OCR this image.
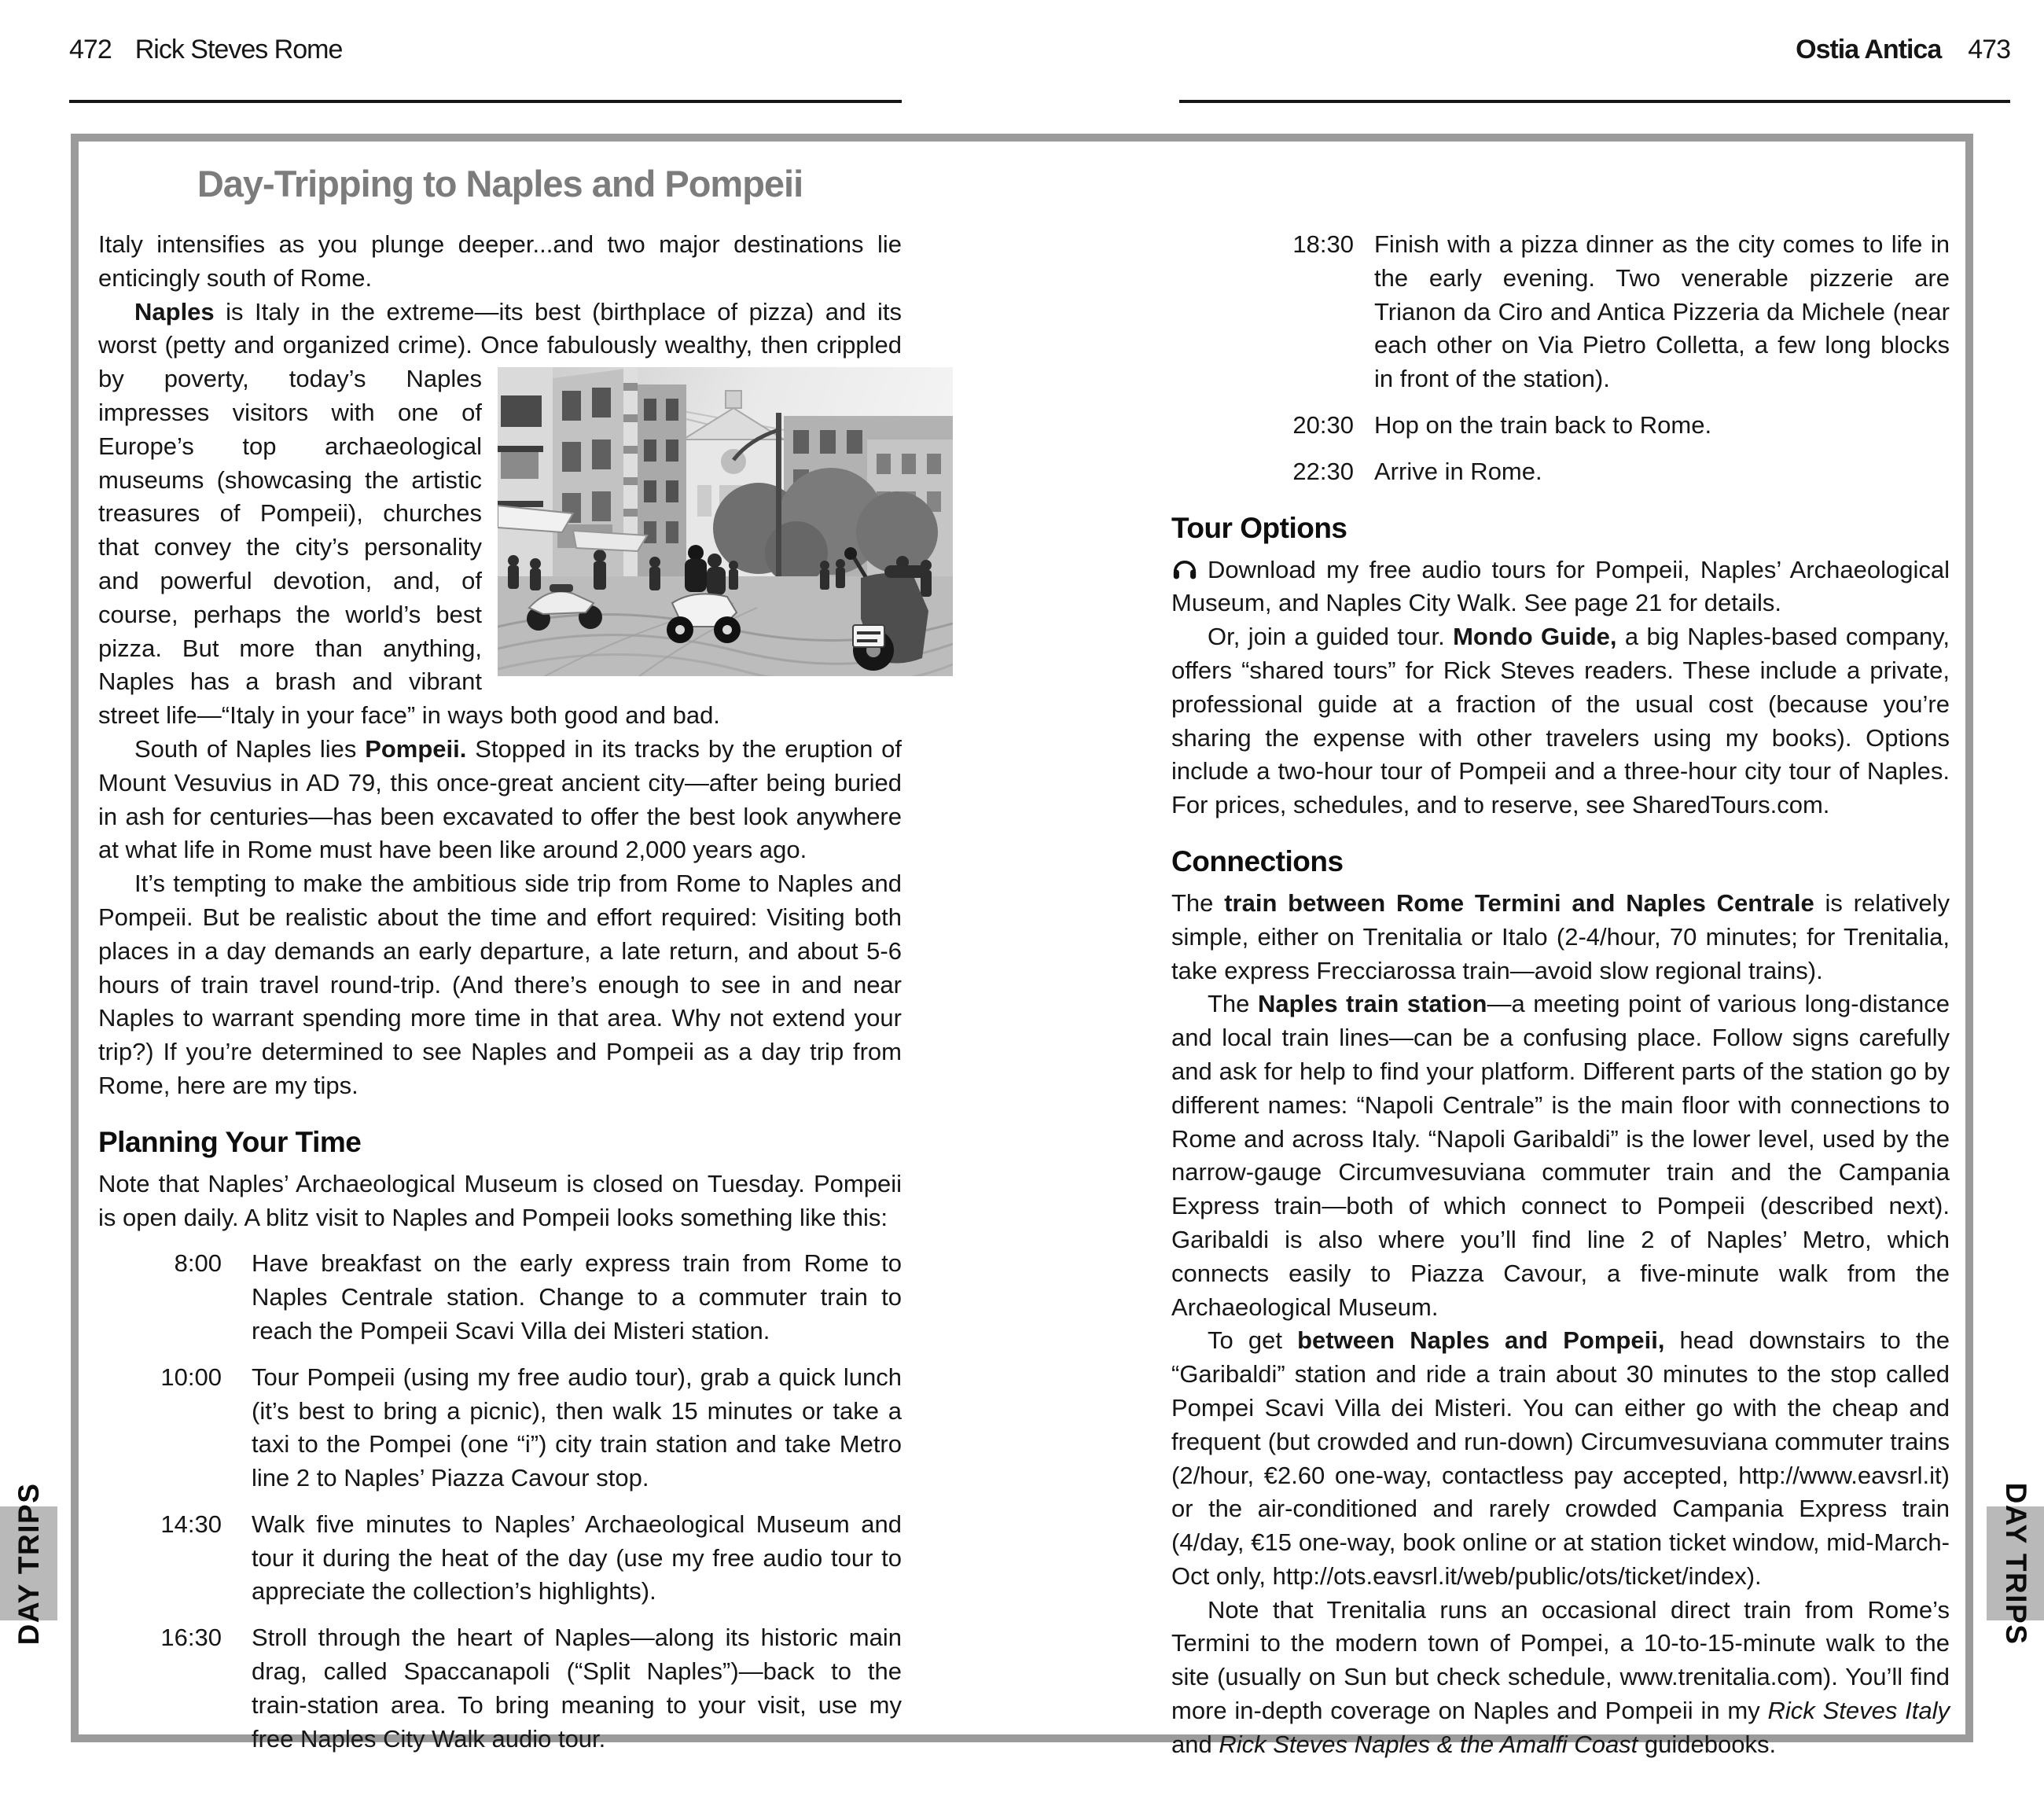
472 Rick Steves Rome	Ostia Antica 473
Day-Tripping to Naples and Pompeii

Italy intensifies as you plunge deeper...and two major destinations lie enticingly south of Rome.

Naples is Italy in the extreme—its best (birthplace of pizza) and its worst (petty and organized crime). Once fabulously
wealthy, then crippled by poverty, today’s Naples impresses visitors with one of Europe’s top archaeological museums (showcasing the artistic treasures of Pompeii), churches that convey the city’s personality and powerful devotion, and, of course, perhaps the world’s best pizza. But more than anything, Naples has a brash and vibrant street life—“Italy in your face” in ways both good and bad.

South of Naples lies Pompeii. Stopped in its tracks by the eruption of Mount Vesuvius in AD 79, this once-great ancient city—after being buried in ash for centuries—has been excavated to offer the best look anywhere at what life in Rome must have been like around 2,000 years ago.

It’s tempting to make the ambitious side trip from Rome to Naples and Pompeii. But be realistic about the time and effort required: Visiting both places in a day demands an early departure, a late return, and about 5-6 hours of train travel round-trip. (And there’s enough to see in and near Naples to warrant spending more time in that area. Why not extend your trip?) If you’re determined to see Naples and Pompeii as a day trip from Rome, here are my tips.

Planning Your Time

Note that Naples’ Archaeological Museum is closed on Tuesday. Pompeii is open daily. A blitz visit to Naples and Pompeii looks something like this:

8:00 Have breakfast on the early express train from Rome to Naples Centrale station. Change to a commuter train to reach the Pompeii Scavi Villa dei Misteri station.
10:00 Tour Pompeii (using my free audio tour), grab a quick lunch (it’s best to bring a picnic), then walk 15 minutes or take a taxi to the Pompei (one “i”) city train station and take Metro line 2 to Naples’ Piazza Cavour stop.
14:30 Walk five minutes to Naples’ Archaeological Museum and tour it during the heat of the day (use my free audio tour to appreciate the collection’s highlights).
16:30 Stroll through the heart of Naples—along its historic main drag, called Spaccanapoli (“Split Naples”)—back to the train-station area. To bring meaning to your visit, use my free Naples City Walk audio tour.
18:30 Finish with a pizza dinner as the city comes to life in the early evening. Two venerable pizzerie are Trianon da Ciro and Antica Pizzeria da Michele (near each other on Via Pietro Colletta, a few long blocks in front of the station).
20:30 Hop on the train back to Rome.
22:30 Arrive in Rome.
Tour Options

Download my free audio tours for Pompeii, Naples’ Archaeological Museum, and Naples City Walk. See page 21 for details.

Or, join a guided tour. Mondo Guide, a big Naples-based company, offers “shared tours” for Rick Steves readers. These include a private, professional guide at a fraction of the usual cost (because you’re sharing the expense with other travelers using my books). Options include a two-hour tour of Pompeii and a three-hour city tour of Naples. For prices, schedules, and to reserve, see SharedTours.com.

Connections

The train between Rome Termini and Naples Centrale is relatively simple, either on Trenitalia or Italo (2-4/hour, 70 minutes; for Trenitalia, take express Frecciarossa train—avoid slow regional trains).

The Naples train station—a meeting point of various long-distance and local train lines—can be a confusing place. Follow signs carefully and ask for help to find your platform. Different parts of the station go by different names: “Napoli Centrale” is the main floor with connections to Rome and across Italy. “Napoli Garibaldi” is the lower level, used by the narrow-gauge Circumvesuviana commuter train and the Campania Express train—both of which connect to Pompeii (described next). Garibaldi is also where you’ll find line 2 of Naples’ Metro, which connects easily to Piazza Cavour, a five-minute walk from the Archaeological Museum.

To get between Naples and Pompeii, head downstairs to the “Garibaldi” station and ride a train about 30 minutes to the stop called Pompei Scavi Villa dei Misteri. You can either go with the cheap and frequent (but crowded and run-down) Circumvesuviana commuter trains (2/hour, €2.60 one-way, contactless pay accepted, http://www.eavsrl.it) or the air-conditioned and rarely crowded Campania Express train (4/day, €15 one-way, book online or at station ticket window, mid-March-Oct only, http://ots.eavsrl.it/web/public/ots/ticket/index).

Note that Trenitalia runs an occasional direct train from Rome’s Termini to the modern town of Pompei, a 10-to-15-minute walk to the site (usually on Sun but check schedule, www.trenitalia.com). You’ll find more in-depth coverage on Naples and Pompeii in my Rick Steves Italy and Rick Steves Naples & the Amalfi Coast guidebooks.

DAY TRIPS	DAY TRIPS
